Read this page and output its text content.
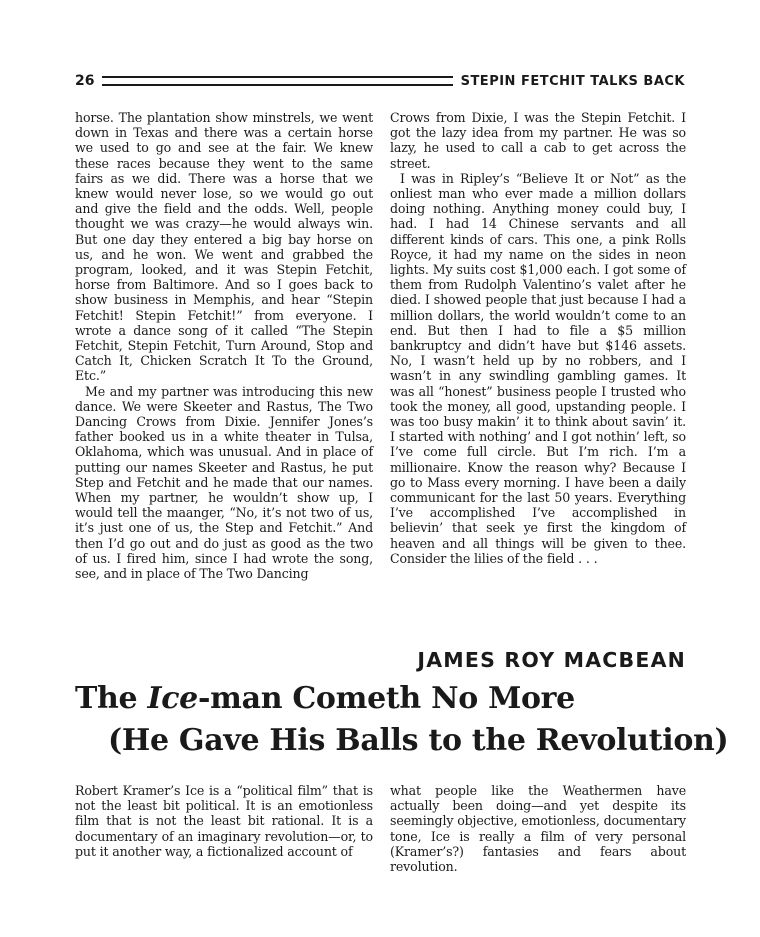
26	STEPIN FETCHIT TALKS BACK

horse. The plantation show minstrels, we went down in Texas and there was a certain horse we used to go and see at the fair. We knew these races because they went to the same fairs as we did. There was a horse that we knew would never lose, so we would go out and give the field and the odds. Well, people thought we was crazy—he would always win. But one day they entered a big bay horse on us, and he won. We went and grabbed the program, looked, and it was Stepin Fetchit, horse from Baltimore. And so I goes back to show business in Memphis, and hear “Stepin Fetchit! Stepin Fetchit!” from everyone. I wrote a dance song of it called “The Stepin Fetchit, Stepin Fetchit, Turn Around, Stop and Catch It, Chicken Scratch It To the Ground, Etc.”

Me and my partner was introducing this new dance. We were Skeeter and Rastus, The Two Dancing Crows from Dixie. Jennifer Jones’s father booked us in a white theater in Tulsa, Oklahoma, which was unusual. And in place of putting our names Skeeter and Rastus, he put Step and Fetchit and he made that our names. When my partner, he wouldn’t show up, I would tell the maanger, “No, it’s not two of us, it’s just one of us, the Step and Fetchit.” And then I’d go out and do just as good as the two of us. I fired him, since I had wrote the song, see, and in place of The Two Dancing

Crows from Dixie, I was the Stepin Fetchit. I got the lazy idea from my partner. He was so lazy, he used to call a cab to get across the street.

I was in Ripley’s “Believe It or Not” as the onliest man who ever made a million dollars doing nothing. Anything money could buy, I had. I had 14 Chinese servants and all different kinds of cars. This one, a pink Rolls Royce, it had my name on the sides in neon lights. My suits cost $1,000 each. I got some of them from Rudolph Valentino’s valet after he died. I showed people that just because I had a million dollars, the world wouldn’t come to an end. But then I had to file a $5 million bankruptcy and didn’t have but $146 assets. No, I wasn’t held up by no robbers, and I wasn’t in any swindling gambling games. It was all “honest” business people I trusted who took the money, all good, upstanding people. I was too busy makin’ it to think about savin’ it. I started with nothing’ and I got nothin’ left, so I’ve come full circle. But I’m rich. I’m a millionaire. Know the reason why? Because I go to Mass every morning. I have been a daily communicant for the last 50 years. Everything I’ve accomplished I’ve accomplished in believin’ that seek ye first the kingdom of heaven and all things will be given to thee. Consider the lilies of the field . . .

JAMES ROY MACBEAN
The Ice-man Cometh No More
(He Gave His Balls to the Revolution)

Robert Kramer’s Ice is a “political film” that is not the least bit political. It is an emotionless film that is not the least bit rational. It is a documentary of an imaginary revolution—or, to put it another way, a fictionalized account of

what people like the Weathermen have actually been doing—and yet despite its seemingly objective, emotionless, documentary tone, Ice is really a film of very personal (Kramer’s?) fantasies and fears about revolution.
